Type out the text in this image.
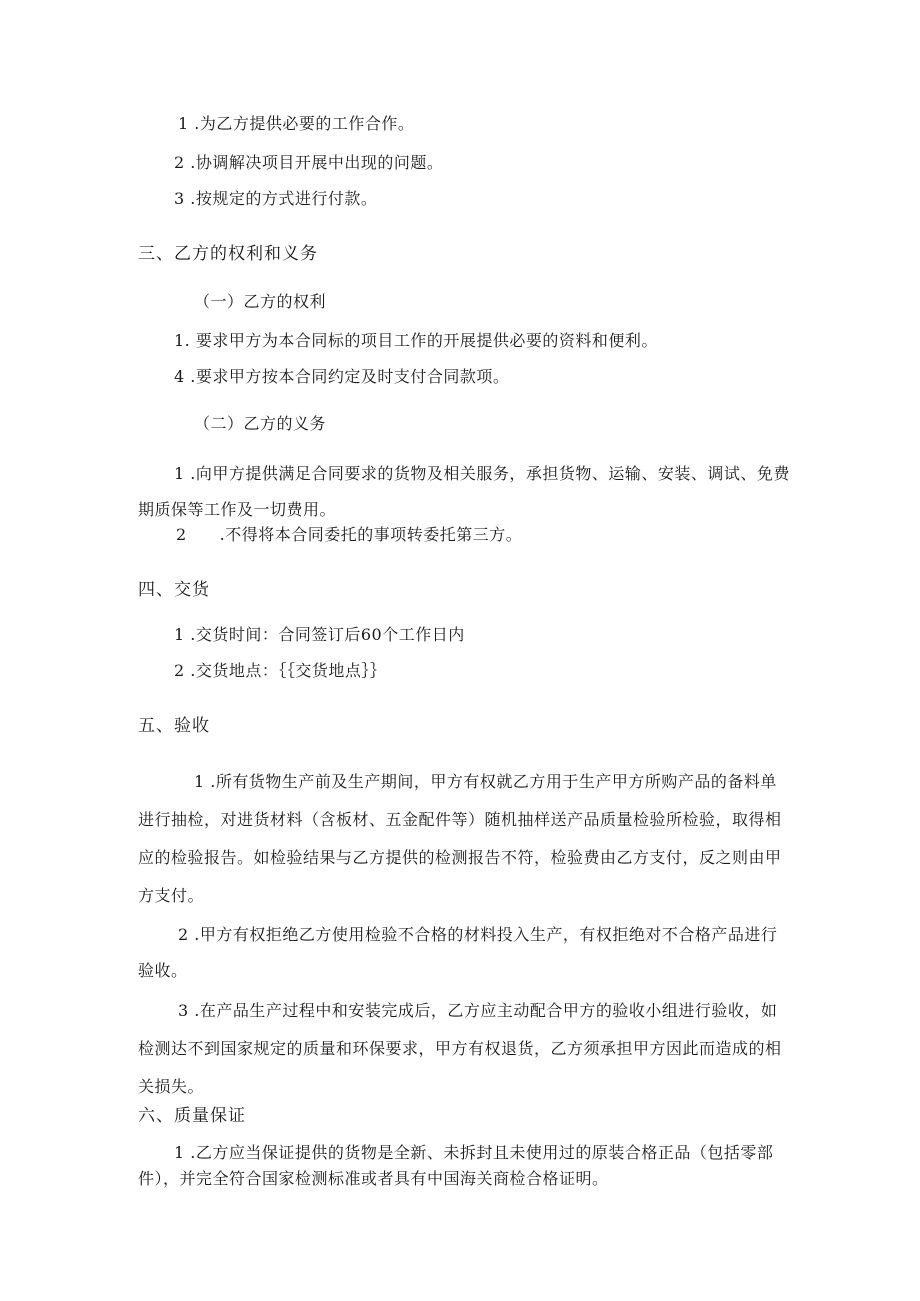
1 .为乙方提供必要的工作合作。
2 .协调解决项目开展中出现的问题。
3 .按规定的方式进行付款。
三、乙方的权利和义务
（一）乙方的权利
1. 要求甲方为本合同标的项目工作的开展提供必要的资料和便利。
4 .要求甲方按本合同约定及时支付合同款项。
（二）乙方的义务
1 .向甲方提供满足合同要求的货物及相关服务，承担货物、运输、安装、调试、免费期质保等工作及一切费用。
2　　.不得将本合同委托的事项转委托第三方。
四、交货
1 .交货时间：合同签订后60个工作日内
2 .交货地点：｛｛交货地点｝｝
五、验收
1 .所有货物生产前及生产期间，甲方有权就乙方用于生产甲方所购产品的备料单进行抽检，对进货材料（含板材、五金配件等）随机抽样送产品质量检验所检验，取得相应的检验报告。如检验结果与乙方提供的检测报告不符，检验费由乙方支付，反之则由甲方支付。
2 .甲方有权拒绝乙方使用检验不合格的材料投入生产，有权拒绝对不合格产品进行验收。
3 .在产品生产过程中和安装完成后，乙方应主动配合甲方的验收小组进行验收，如检测达不到国家规定的质量和环保要求，甲方有权退货，乙方须承担甲方因此而造成的相关损失。
六、质量保证
1 .乙方应当保证提供的货物是全新、未拆封且未使用过的原装合格正品（包括零部件），并完全符合国家检测标准或者具有中国海关商检合格证明。
